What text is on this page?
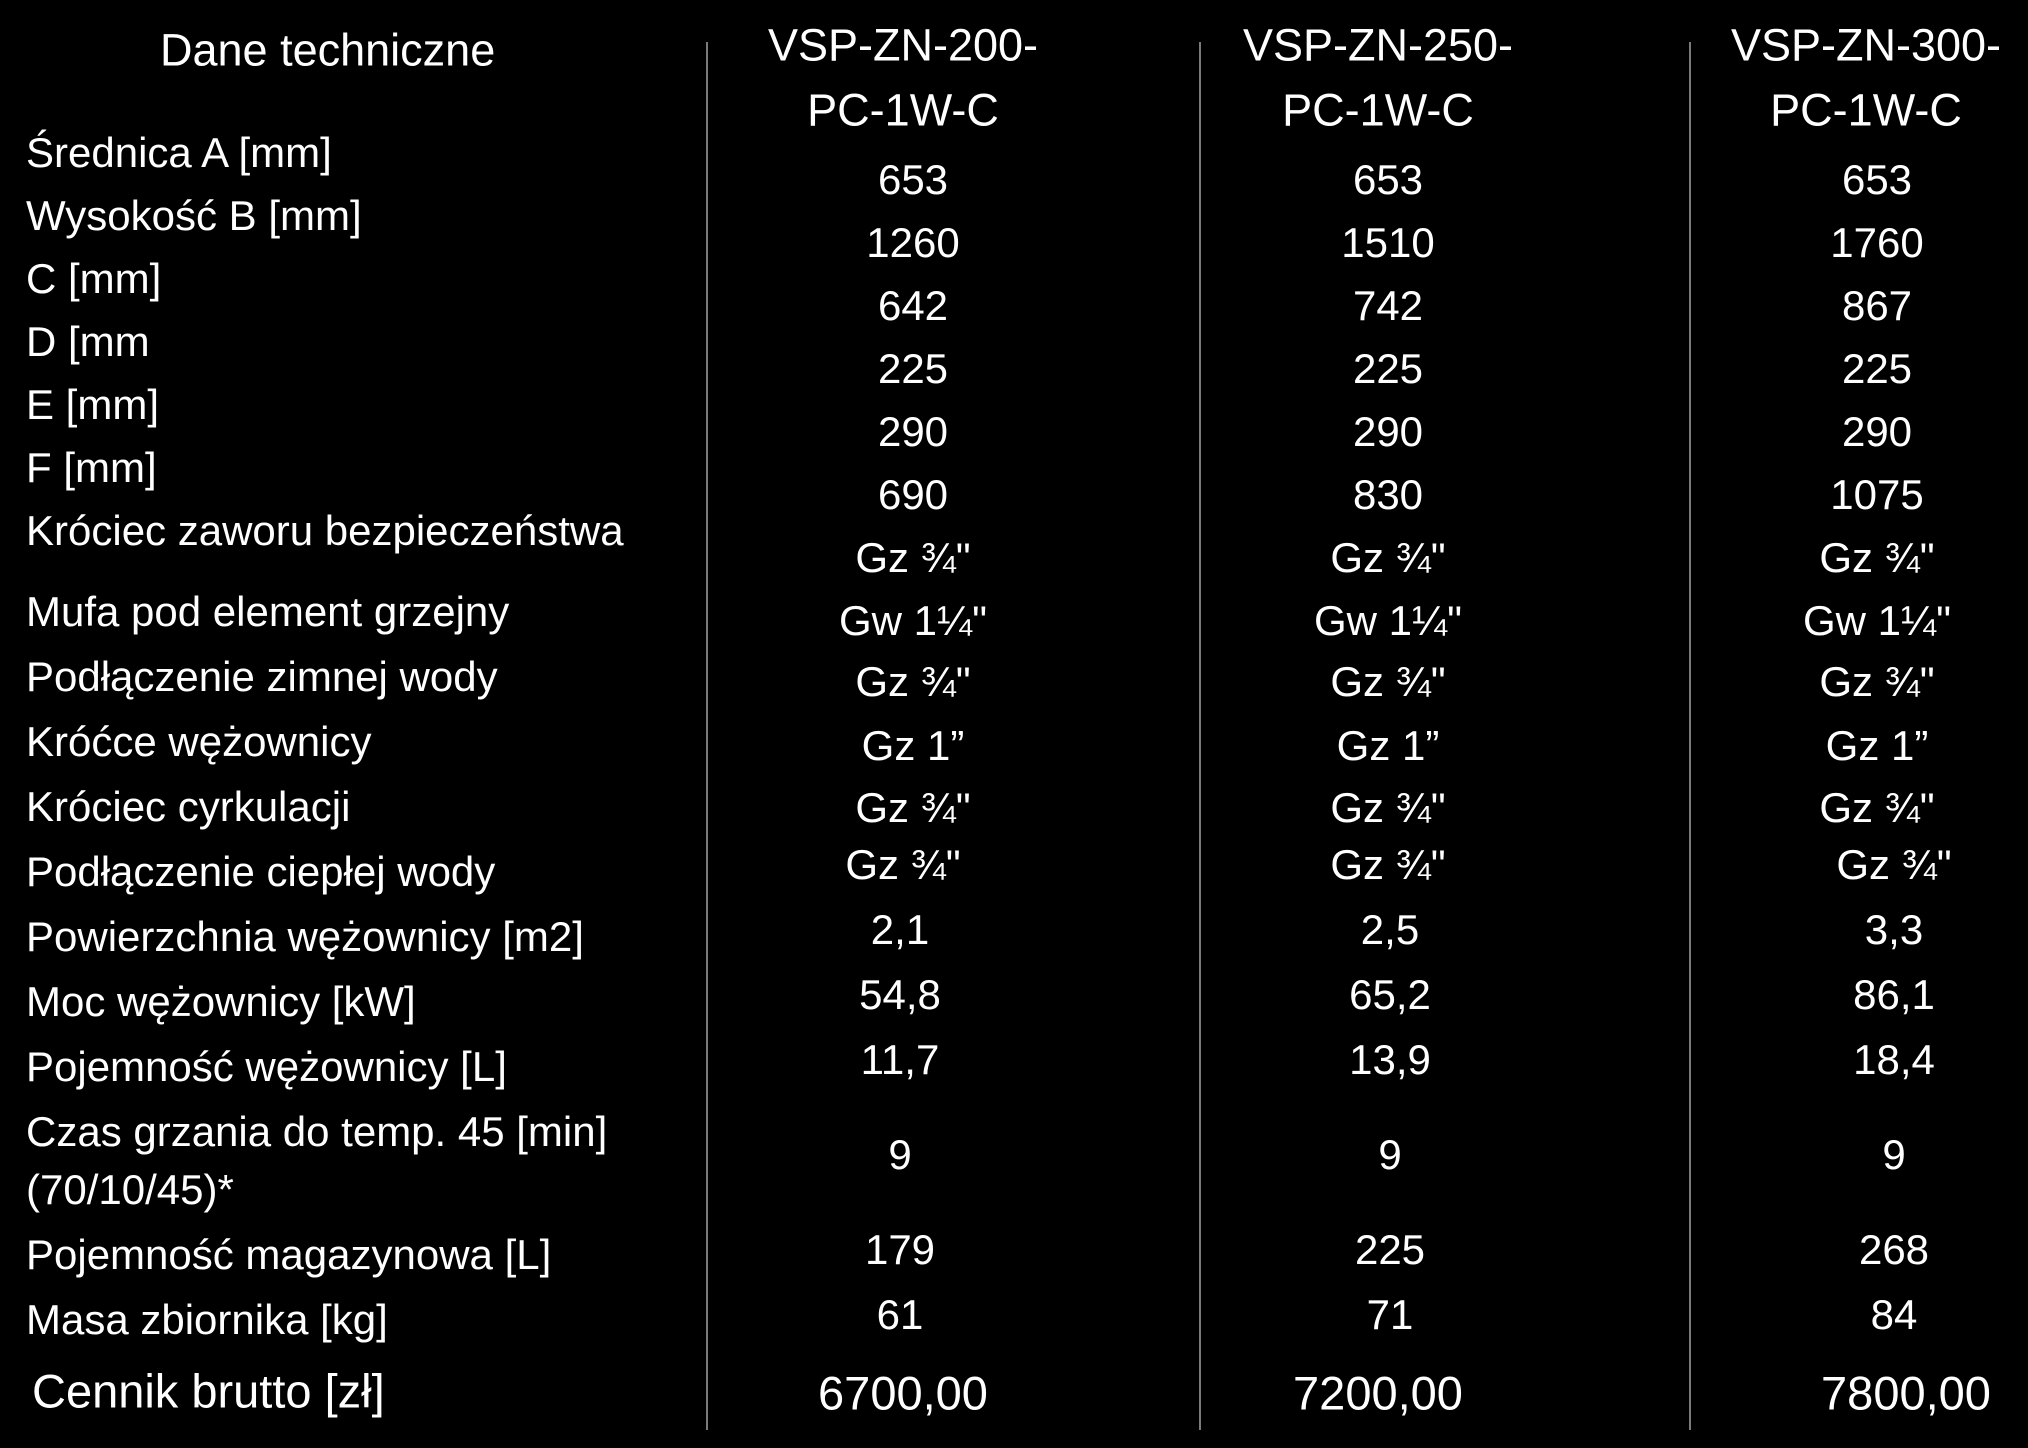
Dane techniczne	VSP-ZN-200-
PC-1W-C
VSP-ZN-250-
PC-1W-C
VSP-ZN-300-
PC-1W-C
Średnica A [mm]
653	653	653
Wysokość B [mm]
1260	1510	1760
C [mm]
642	742	867
D [mm
225	225	225
E [mm]
290	290	290
F [mm]
690	830	1075
Króciec zaworu bezpieczeństwa
Gz ¾"	Gz ¾"	Gz ¾"
Mufa pod element grzejny	Gw 1¼"	Gw 1¼"	Gw 1¼"
Podłączenie zimnej wody	Gz ¾"	Gz ¾"	Gz ¾"
Króćce wężownicy	Gz 1”	Gz 1”	Gz 1”
Króciec cyrkulacji	Gz ¾"	Gz ¾"	Gz ¾"
Podłączenie ciepłej wody	Gz ¾"	Gz ¾"	Gz ¾"
Powierzchnia wężownicy [m2]	2,1	2,5	3,3
Moc wężownicy [kW]	54,8	65,2	86,1
Pojemność wężownicy [L]	11,7	13,9	18,4
Czas grzania do temp. 45 [min]
(70/10/45)*
9	9	9
Pojemność magazynowa [L]	179	225	268
Masa zbiornika [kg]	61	71	84
Cennik brutto [zł]	6700,00	7200,00	7800,00
